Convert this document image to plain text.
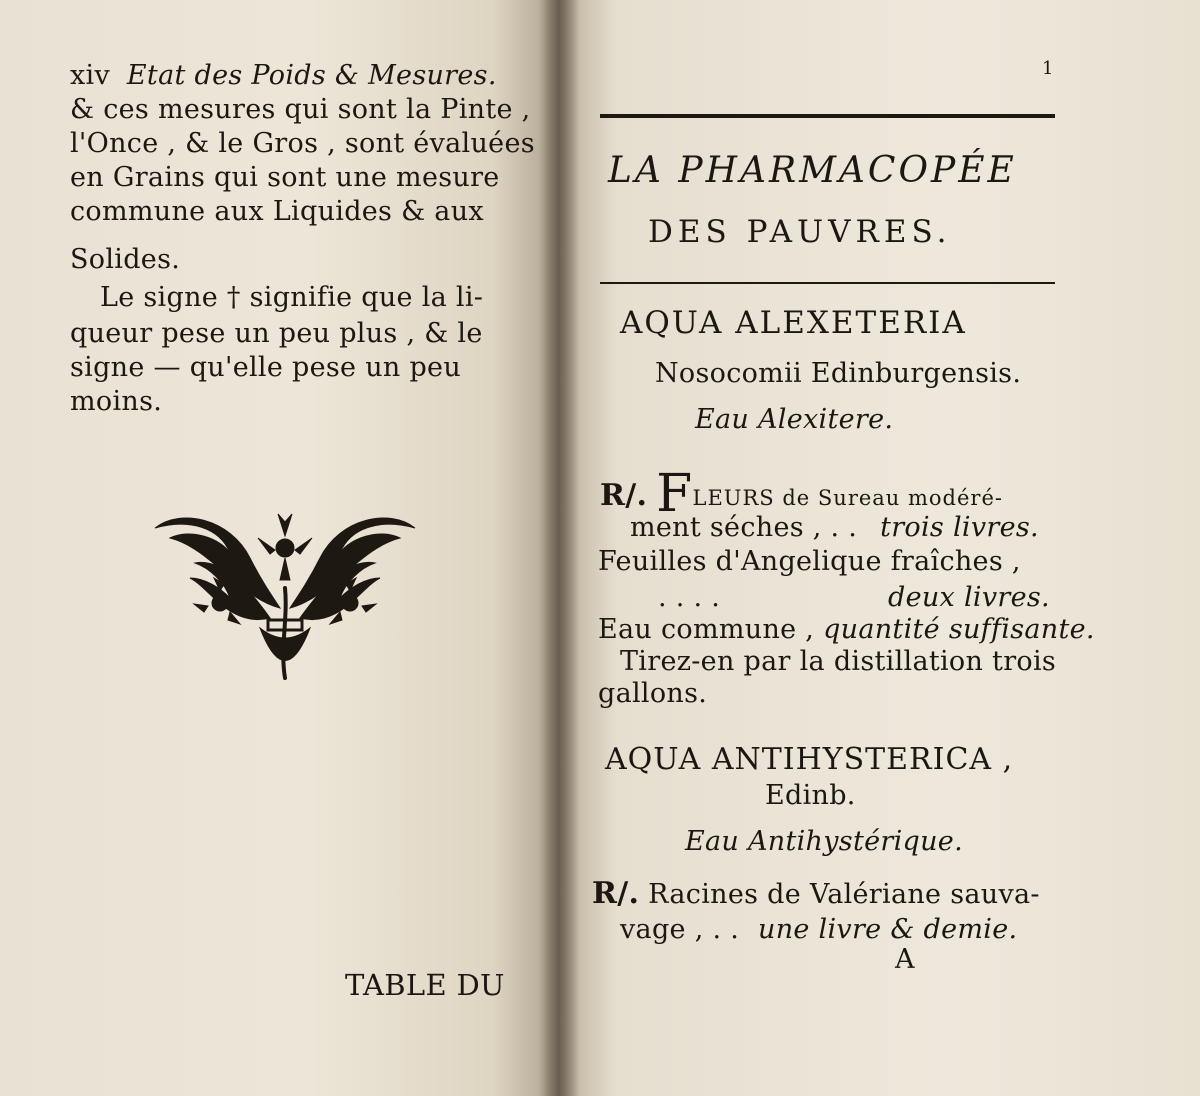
xiv Etat des Poids & Mesures.
& ces mesures qui sont la Pinte ,
l'Once , & le Gros , sont évaluées
en Grains qui sont une mesure
commune aux Liquides & aux
Solides.
Le signe † signifie que la li-
queur pese un peu plus , & le
signe — qu'elle pese un peu
moins.
TABLE DU
1
LA PHARMACOPÉE
DES PAUVRES.
AQUA ALEXETERIA
Nosocomii Edinburgensis.
Eau Alexitere.
R/. FLEURS de Sureau modéré-
ment séches , . . trois livres.
Feuilles d'Angelique fraîches ,
. . . .	deux livres.
Eau commune , quantité suffisante.
Tirez-en par la distillation trois
gallons.
AQUA ANTIHYSTERICA ,
Edinb.
Eau Antihystérique.
R/. Racines de Valériane sauva-
vage , . . une livre & demie.
A
